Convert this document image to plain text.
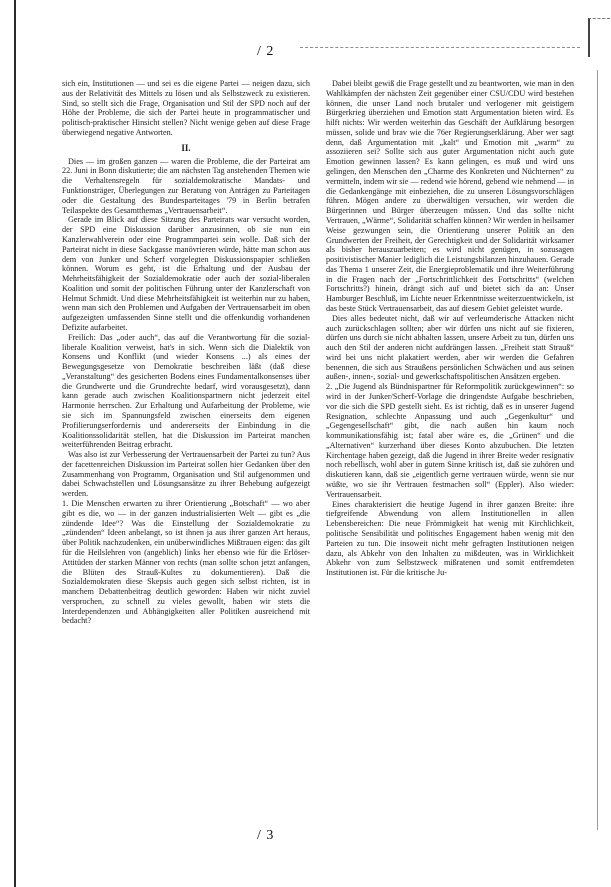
/ 2

sich ein, Institutionen — und sei es die eigene Partei — neigen dazu, sich aus der Relativität des Mittels zu lösen und als Selbstzweck zu existieren. Sind, so stellt sich die Frage, Organisation und Stil der SPD noch auf der Höhe der Probleme, die sich der Partei heute in programmatischer und politisch-praktischer Hinsicht stellen? Nicht wenige geben auf diese Frage überwiegend negative Antworten.

II.

Dies — im großen ganzen — waren die Probleme, die der Parteirat am 22. Juni in Bonn diskutierte; die am nächsten Tag anstehenden Themen wie die Verhaltensregeln für sozialdemokratische Mandats- und Funktionsträger, Überlegungen zur Beratung von Anträgen zu Parteitagen oder die Gestaltung des Bundesparteitages '79 in Berlin betrafen Teilaspekte des Gesamtthemas „Vertrauensarbeit“.

Gerade im Blick auf diese Sitzung des Parteirats war versucht worden, der SPD eine Diskussion darüber anzusinnen, ob sie nun ein Kanzlerwahlverein oder eine Programmpartei sein wolle. Daß sich der Parteirat nicht in diese Sackgasse manövrieren würde, hätte man schon aus dem von Junker und Scherf vorgelegten Diskussionspapier schließen können. Worum es geht, ist die Erhaltung und der Ausbau der Mehrheitsfähigkeit der Sozialdemokratie oder auch der sozial-liberalen Koalition und somit der politischen Führung unter der Kanzlerschaft von Helmut Schmidt. Und diese Mehrheitsfähigkeit ist weiterhin nur zu haben, wenn man sich den Problemen und Aufgaben der Vertrauensarbeit im oben aufgezeigten umfassenden Sinne stellt und die offenkundig vorhandenen Defizite aufarbeitet.

Freilich: Das „oder auch“, das auf die Verantwortung für die sozial-liberale Koalition verweist, hat's in sich. Wenn sich die Dialektik von Konsens und Konflikt (und wieder Konsens ...) als eines der Bewegungsgesetze von Demokratie beschreiben läßt (daß diese „Veranstaltung“ des gesicherten Bodens eines Fundamentalkonsenses über die Grundwerte und die Grundrechte bedarf, wird vorausgesetzt), dann kann gerade auch zwischen Koalitionspartnern nicht jederzeit eitel Harmonie herrschen. Zur Erhaltung und Aufarbeitung der Probleme, wie sie sich im Spannungsfeld zwischen einerseits dem eigenen Profilierungserfordernis und andererseits der Einbindung in die Koalitionssolidarität stellen, hat die Diskussion im Parteirat manchen weiterführenden Beitrag erbracht.

Was also ist zur Verbesserung der Vertrauensarbeit der Partei zu tun? Aus der facettenreichen Diskussion im Parteirat sollen hier Gedanken über den Zusammenhang von Programm, Organisation und Stil aufgenommen und dabei Schwachstellen und Lösungsansätze zu ihrer Behebung aufgezeigt werden.

1. Die Menschen erwarten zu ihrer Orientierung „Botschaft“ — wo aber gibt es die, wo — in der ganzen industrialisierten Welt — gibt es „die zündende Idee“? Was die Einstellung der Sozialdemokratie zu „zündenden“ Ideen anbelangt, so ist ihnen ja aus ihrer ganzen Art heraus, über Politik nachzudenken, ein unüberwindliches Mißtrauen eigen: das gilt für die Heilslehren von (angeblich) links her ebenso wie für die Erlöser-Attitüden der starken Männer von rechts (man sollte schon jetzt anfangen, die Blüten des Strauß-Kultes zu dokumentieren). Daß die Sozialdemokraten diese Skepsis auch gegen sich selbst richten, ist in manchem Debattenbeitrag deutlich geworden: Haben wir nicht zuviel versprochen, zu schnell zu vieles gewollt, haben wir stets die Interdependenzen und Abhängigkeiten aller Politiken ausreichend mit bedacht?

Dabei bleibt gewiß die Frage gestellt und zu beantworten, wie man in den Wahlkämpfen der nächsten Zeit gegenüber einer CSU/CDU wird bestehen können, die unser Land noch brutaler und verlogener mit geistigem Bürgerkrieg überziehen und Emotion statt Argumentation bieten wird. Es hilft nichts: Wir werden weiterhin das Geschäft der Aufklärung besorgen müssen, solide und brav wie die 76er Regierungserklärung. Aber wer sagt denn, daß Argumentation mit „kalt“ und Emotion mit „warm“ zu assoziieren sei? Sollte sich aus guter Argumentation nicht auch gute Emotion gewinnen lassen? Es kann gelingen, es muß und wird uns gelingen, den Menschen den „Charme des Konkreten und Nüchternen“ zu vermitteln, indem wir sie — redend wie hörend, gebend wie nehmend — in die Gedankengänge mit einbeziehen, die zu unseren Lösungsvorschlägen führen. Mögen andere zu überwältigen versuchen, wir werden die Bürgerinnen und Bürger überzeugen müssen. Und das sollte nicht Vertrauen, „Wärme“, Solidarität schaffen können? Wir werden in heilsamer Weise gezwungen sein, die Orientierung unserer Politik an den Grundwerten der Freiheit, der Gerechtigkeit und der Solidarität wirksamer als bisher herauszuarbeiten; es wird nicht genügen, in sozusagen positivistischer Manier lediglich die Leistungsbilanzen hinzuhauen. Gerade das Thema 1 unserer Zeit, die Energieproblematik und ihre Weiterführung in die Fragen nach der „Fortschrittlichkeit des Fortschritts“ (welchen Fortschritts?) hinein, drängt sich auf und bietet sich da an: Unser Hamburger Beschluß, im Lichte neuer Erkenntnisse weiterzuentwickeln, ist das beste Stück Vertrauensarbeit, das auf diesem Gebiet geleistet wurde.

Dies alles bedeutet nicht, daß wir auf verleumderische Attacken nicht auch zurückschlagen sollten; aber wir dürfen uns nicht auf sie fixieren, dürfen uns durch sie nicht abhalten lassen, unsere Arbeit zu tun, dürfen uns auch den Stil der anderen nicht aufdrängen lassen. „Freiheit statt Strauß“ wird bei uns nicht plakatiert werden, aber wir werden die Gefahren benennen, die sich aus Straußens persönlichen Schwächen und aus seinen außen-, innen-, sozial- und gewerkschaftspolitischen Ansätzen ergeben.

2. „Die Jugend als Bündnispartner für Reformpolitik zurückgewinnen“: so wird in der Junker/Scherf-Vorlage die dringendste Aufgabe beschrieben, vor die sich die SPD gestellt sieht. Es ist richtig, daß es in unserer Jugend Resignation, schlechte Anpassung und auch „Gegenkultur“ und „Gegengesellschaft“ gibt, die nach außen hin kaum noch kommunikationsfähig ist; fatal aber wäre es, die „Grünen“ und die „Alternativen“ kurzerhand über dieses Konto abzubuchen. Die letzten Kirchentage haben gezeigt, daß die Jugend in ihrer Breite weder resignativ noch rebellisch, wohl aber in gutem Sinne kritisch ist, daß sie zuhören und diskutieren kann, daß sie „eigentlich gerne vertrauen würde, wenn sie nur wüßte, wo sie ihr Vertrauen festmachen soll“ (Eppler). Also wieder: Vertrauensarbeit.

Eines charakterisiert die heutige Jugend in ihrer ganzen Breite: ihre tiefgreifende Abwendung von allem Institutionellen in allen Lebensbereichen: Die neue Frömmigkeit hat wenig mit Kirchlichkeit, politische Sensibilität und politisches Engagement haben wenig mit den Parteien zu tun. Die insoweit nicht mehr gefragten Institutionen neigen dazu, als Abkehr von den Inhalten zu mißdeuten, was in Wirklichkeit Abkehr von zum Selbstzweck mißratenen und somit entfremdeten Institutionen ist. Für die kritische Ju-

/ 3
